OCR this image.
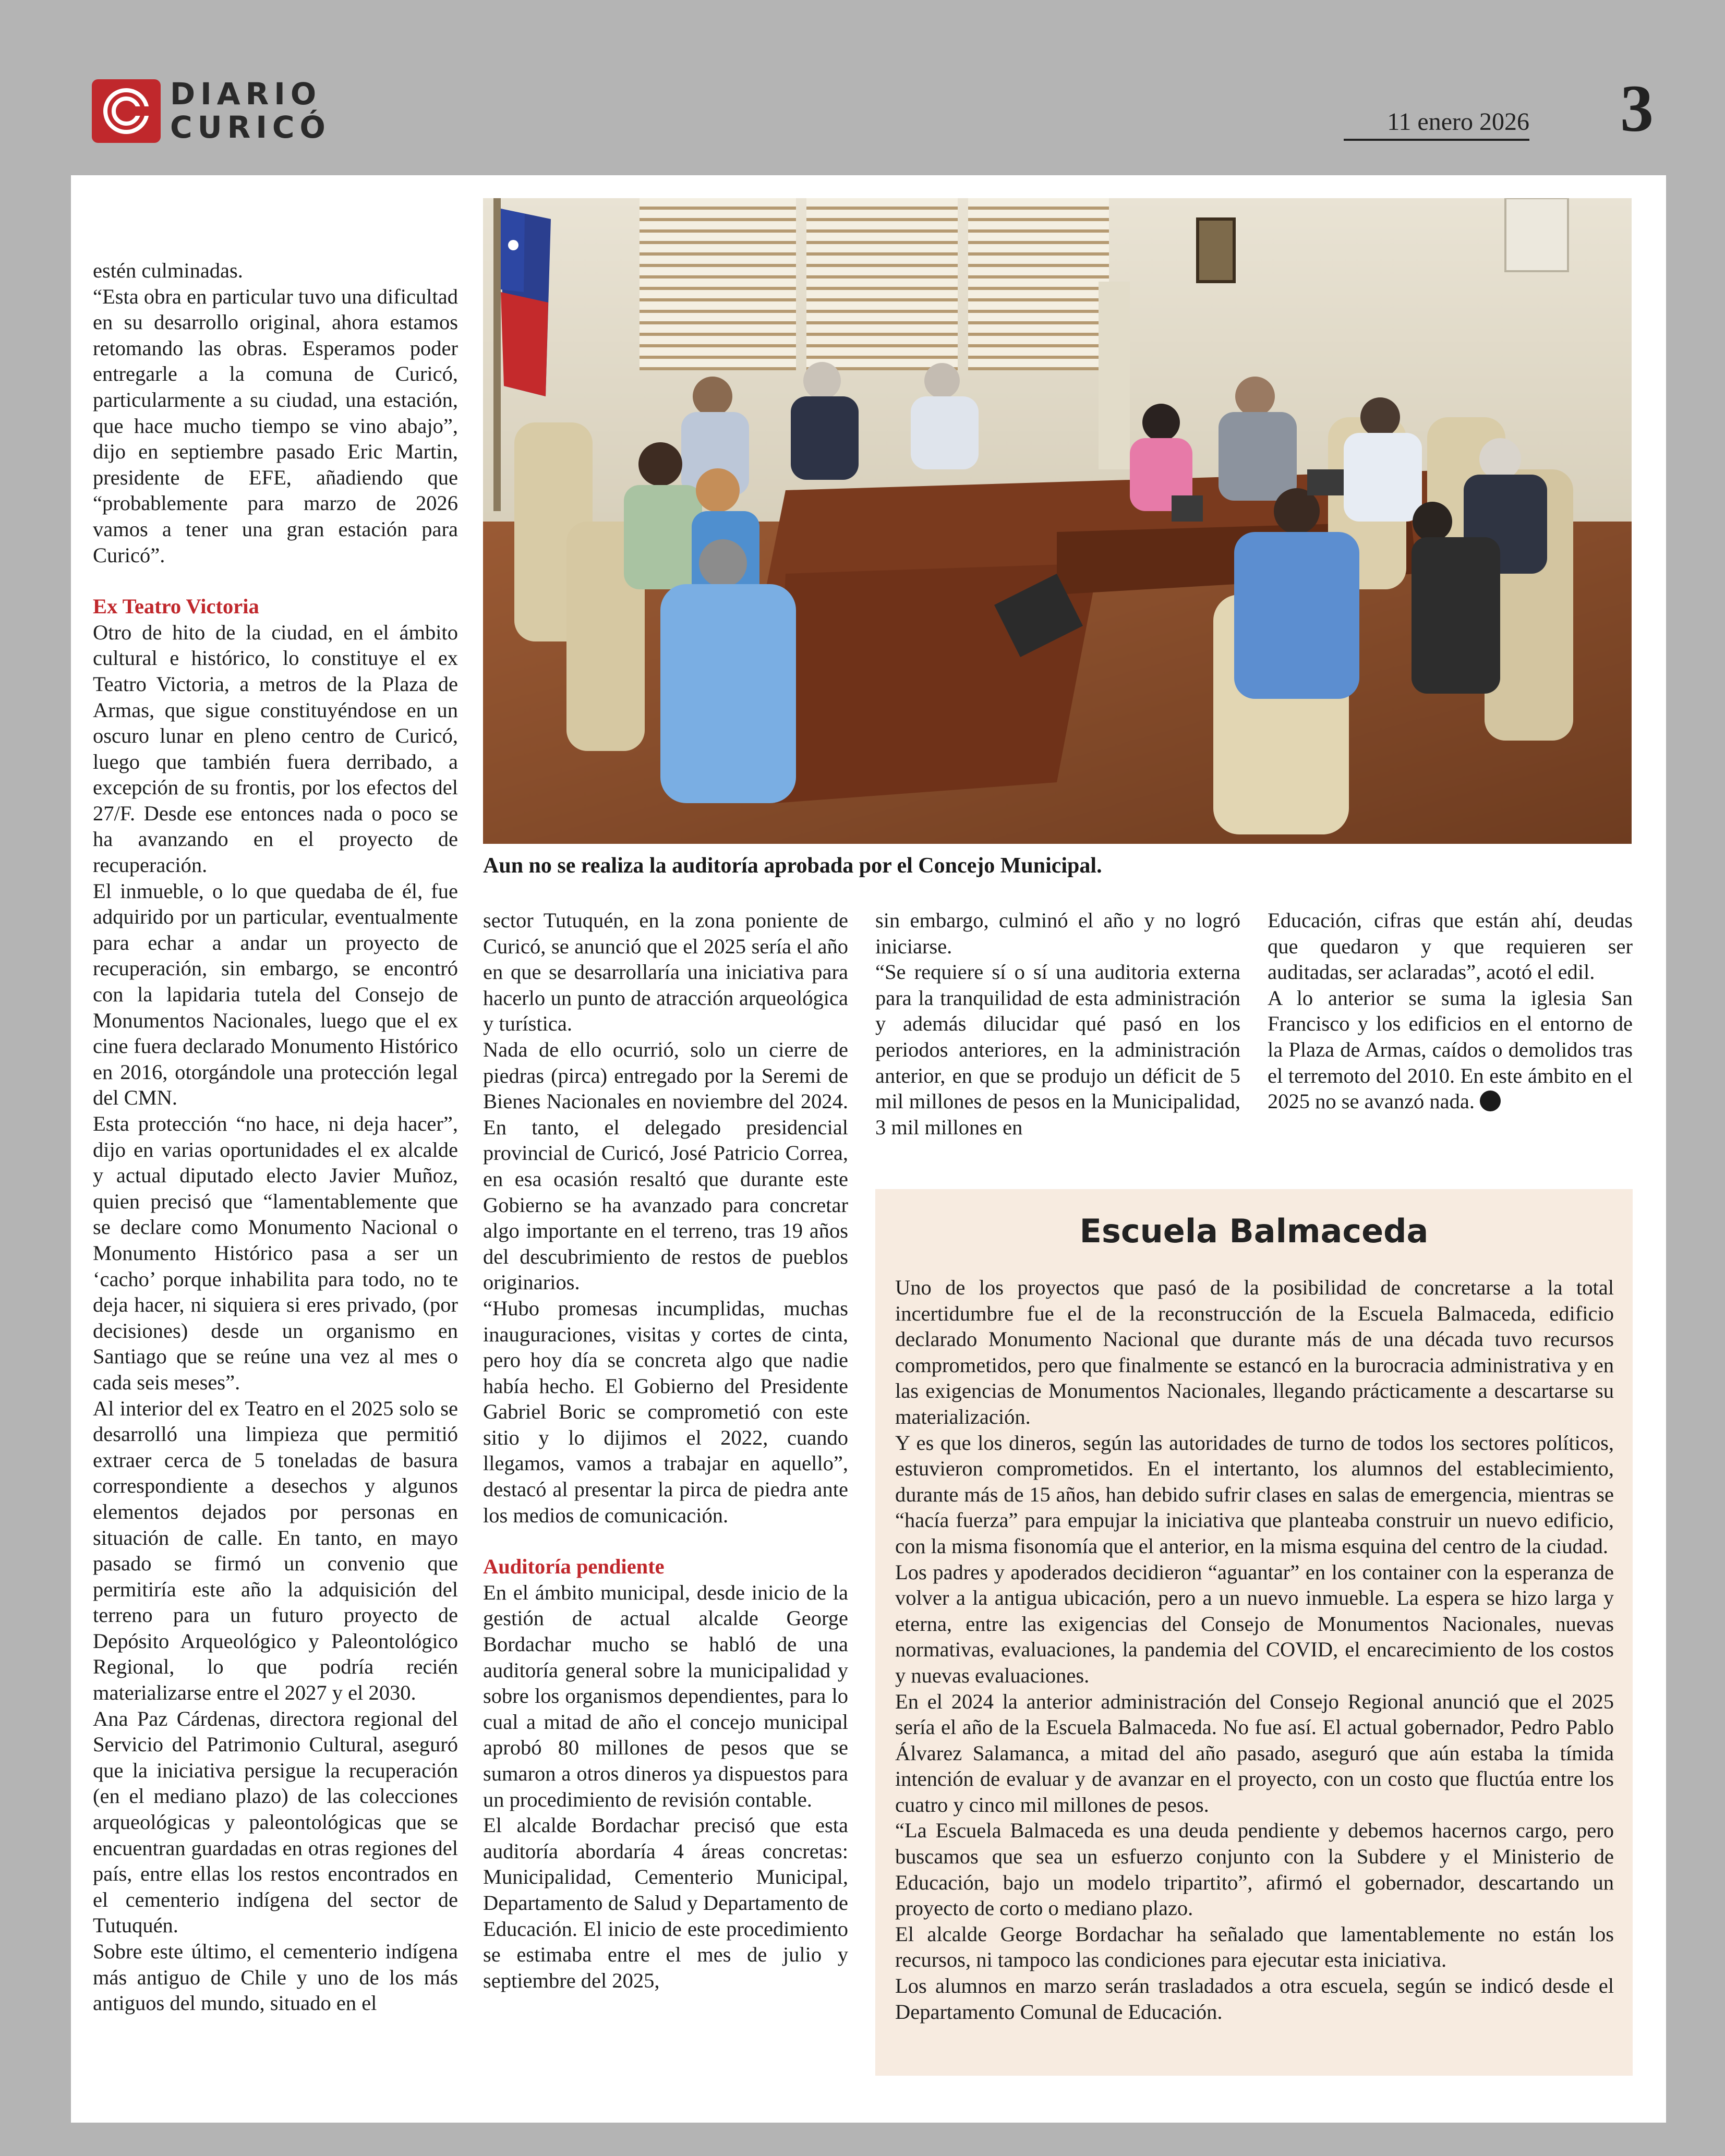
DIARIO
CURICÓ	11 enero 2026	3
Aun no se realiza la auditoría aprobada por el Concejo Municipal.

estén culminadas.

“Esta obra en particular tuvo una dificultad en su desarrollo original, ahora estamos retomando las obras. Esperamos poder entregarle a la comuna de Curicó, particularmente a su ciudad, una estación, que hace mucho tiempo se vino abajo”, dijo en septiembre pasado Eric Martin, presidente de EFE, añadiendo que “probablemente para marzo de 2026 vamos a tener una gran estación para Curicó”.

Ex Teatro Victoria

Otro de hito de la ciudad, en el ámbito cultural e histórico, lo constituye el ex Teatro Victoria, a metros de la Plaza de Armas, que sigue constituyéndose en un oscuro lunar en pleno centro de Curicó, luego que también fuera derribado, a excepción de su frontis, por los efectos del 27/F. Desde ese entonces nada o poco se ha avanzando en el proyecto de recuperación.

El inmueble, o lo que quedaba de él, fue adquirido por un particular, eventualmente para echar a andar un proyecto de recuperación, sin embargo, se encontró con la lapidaria tutela del Consejo de Monumentos Nacionales, luego que el ex cine fuera declarado Monumento Histórico en 2016, otorgándole una protección legal del CMN.

Esta protección “no hace, ni deja hacer”, dijo en varias oportunidades el ex alcalde y actual diputado electo Javier Muñoz, quien precisó que “lamentablemente que se declare como Monumento Nacional o Monumento Histórico pasa a ser un ‘cacho’ porque inhabilita para todo, no te deja hacer, ni siquiera si eres privado, (por decisiones) desde un organismo en Santiago que se reúne una vez al mes o cada seis meses”.

Al interior del ex Teatro en el 2025 solo se desarrolló una limpieza que permitió extraer cerca de 5 toneladas de basura correspondiente a desechos y algunos elementos dejados por personas en situación de calle. En tanto, en mayo pasado se firmó un convenio que permitiría este año la adquisición del terreno para un futuro proyecto de Depósito Arqueológico y Paleontológico Regional, lo que podría recién materializarse entre el 2027 y el 2030.

Ana Paz Cárdenas, directora regional del Servicio del Patrimonio Cultural, aseguró que la iniciativa persigue la recuperación (en el mediano plazo) de las colecciones arqueológicas y paleontológicas que se encuentran guardadas en otras regiones del país, entre ellas los restos encontrados en el cementerio indígena del sector de Tutuquén.

Sobre este último, el cementerio indígena más antiguo de Chile y uno de los más antiguos del mundo, situado en el

sector Tutuquén, en la zona poniente de Curicó, se anunció que el 2025 sería el año en que se desarrollaría una iniciativa para hacerlo un punto de atracción arqueológica y turística.

Nada de ello ocurrió, solo un cierre de piedras (pirca) entregado por la Seremi de Bienes Nacionales en noviembre del 2024. En tanto, el delegado presidencial provincial de Curicó, José Patricio Correa, en esa ocasión resaltó que durante este Gobierno se ha avanzado para concretar algo importante en el terreno, tras 19 años del descubrimiento de restos de pueblos originarios.

“Hubo promesas incumplidas, muchas inauguraciones, visitas y cortes de cinta, pero hoy día se concreta algo que nadie había hecho. El Gobierno del Presidente Gabriel Boric se comprometió con este sitio y lo dijimos el 2022, cuando llegamos, vamos a trabajar en aquello”, destacó al presentar la pirca de piedra ante los medios de comunicación.

Auditoría pendiente

En el ámbito municipal, desde inicio de la gestión de actual alcalde George Bordachar mucho se habló de una auditoría general sobre la municipalidad y sobre los organismos dependientes, para lo cual a mitad de año el concejo municipal aprobó 80 millones de pesos que se sumaron a otros dineros ya dispuestos para un procedimiento de revisión contable.

El alcalde Bordachar precisó que esta auditoría abordaría 4 áreas concretas: Municipalidad, Cementerio Municipal, Departamento de Salud y Departamento de Educación. El inicio de este procedimiento se estimaba entre el mes de julio y septiembre del 2025,

sin embargo, culminó el año y no logró iniciarse.

“Se requiere sí o sí una auditoria externa para la tranquilidad de esta administración y además dilucidar qué pasó en los periodos anteriores, en la administración anterior, en que se produjo un déficit de 5 mil millones de pesos en la Municipalidad, 3 mil millones en

Educación, cifras que están ahí, deudas que quedaron y que requieren ser auditadas, ser aclaradas”, acotó el edil.

A lo anterior se suma la iglesia San Francisco y los edificios en el entorno de la Plaza de Armas, caídos o demolidos tras el terremoto del 2010. En este ámbito en el 2025 no se avanzó nada.

Escuela Balmaceda

Uno de los proyectos que pasó de la posibilidad de concretarse a la total incertidumbre fue el de la reconstrucción de la Escuela Balmaceda, edificio declarado Monumento Nacional que durante más de una década tuvo recursos comprometidos, pero que finalmente se estancó en la burocracia administrativa y en las exigencias de Monumentos Nacionales, llegando prácticamente a descartarse su materialización.

Y es que los dineros, según las autoridades de turno de todos los sectores políticos, estuvieron comprometidos. En el intertanto, los alumnos del establecimiento, durante más de 15 años, han debido sufrir clases en salas de emergencia, mientras se “hacía fuerza” para empujar la iniciativa que planteaba construir un nuevo edificio, con la misma fisonomía que el anterior, en la misma esquina del centro de la ciudad.

Los padres y apoderados decidieron “aguantar” en los container con la esperanza de volver a la antigua ubicación, pero a un nuevo inmueble. La espera se hizo larga y eterna, entre las exigencias del Consejo de Monumentos Nacionales, nuevas normativas, evaluaciones, la pandemia del COVID, el encarecimiento de los costos y nuevas evaluaciones.

En el 2024 la anterior administración del Consejo Regional anunció que el 2025 sería el año de la Escuela Balmaceda. No fue así. El actual gobernador, Pedro Pablo Álvarez Salamanca, a mitad del año pasado, aseguró que aún estaba la tímida intención de evaluar y de avanzar en el proyecto, con un costo que fluctúa entre los cuatro y cinco mil millones de pesos.

“La Escuela Balmaceda es una deuda pendiente y debemos hacernos cargo, pero buscamos que sea un esfuerzo conjunto con la Subdere y el Ministerio de Educación, bajo un modelo tripartito”, afirmó el gobernador, descartando un proyecto de corto o mediano plazo.

El alcalde George Bordachar ha señalado que lamentablemente no están los recursos, ni tampoco las condiciones para ejecutar esta iniciativa.

Los alumnos en marzo serán trasladados a otra escuela, según se indicó desde el Departamento Comunal de Educación.
